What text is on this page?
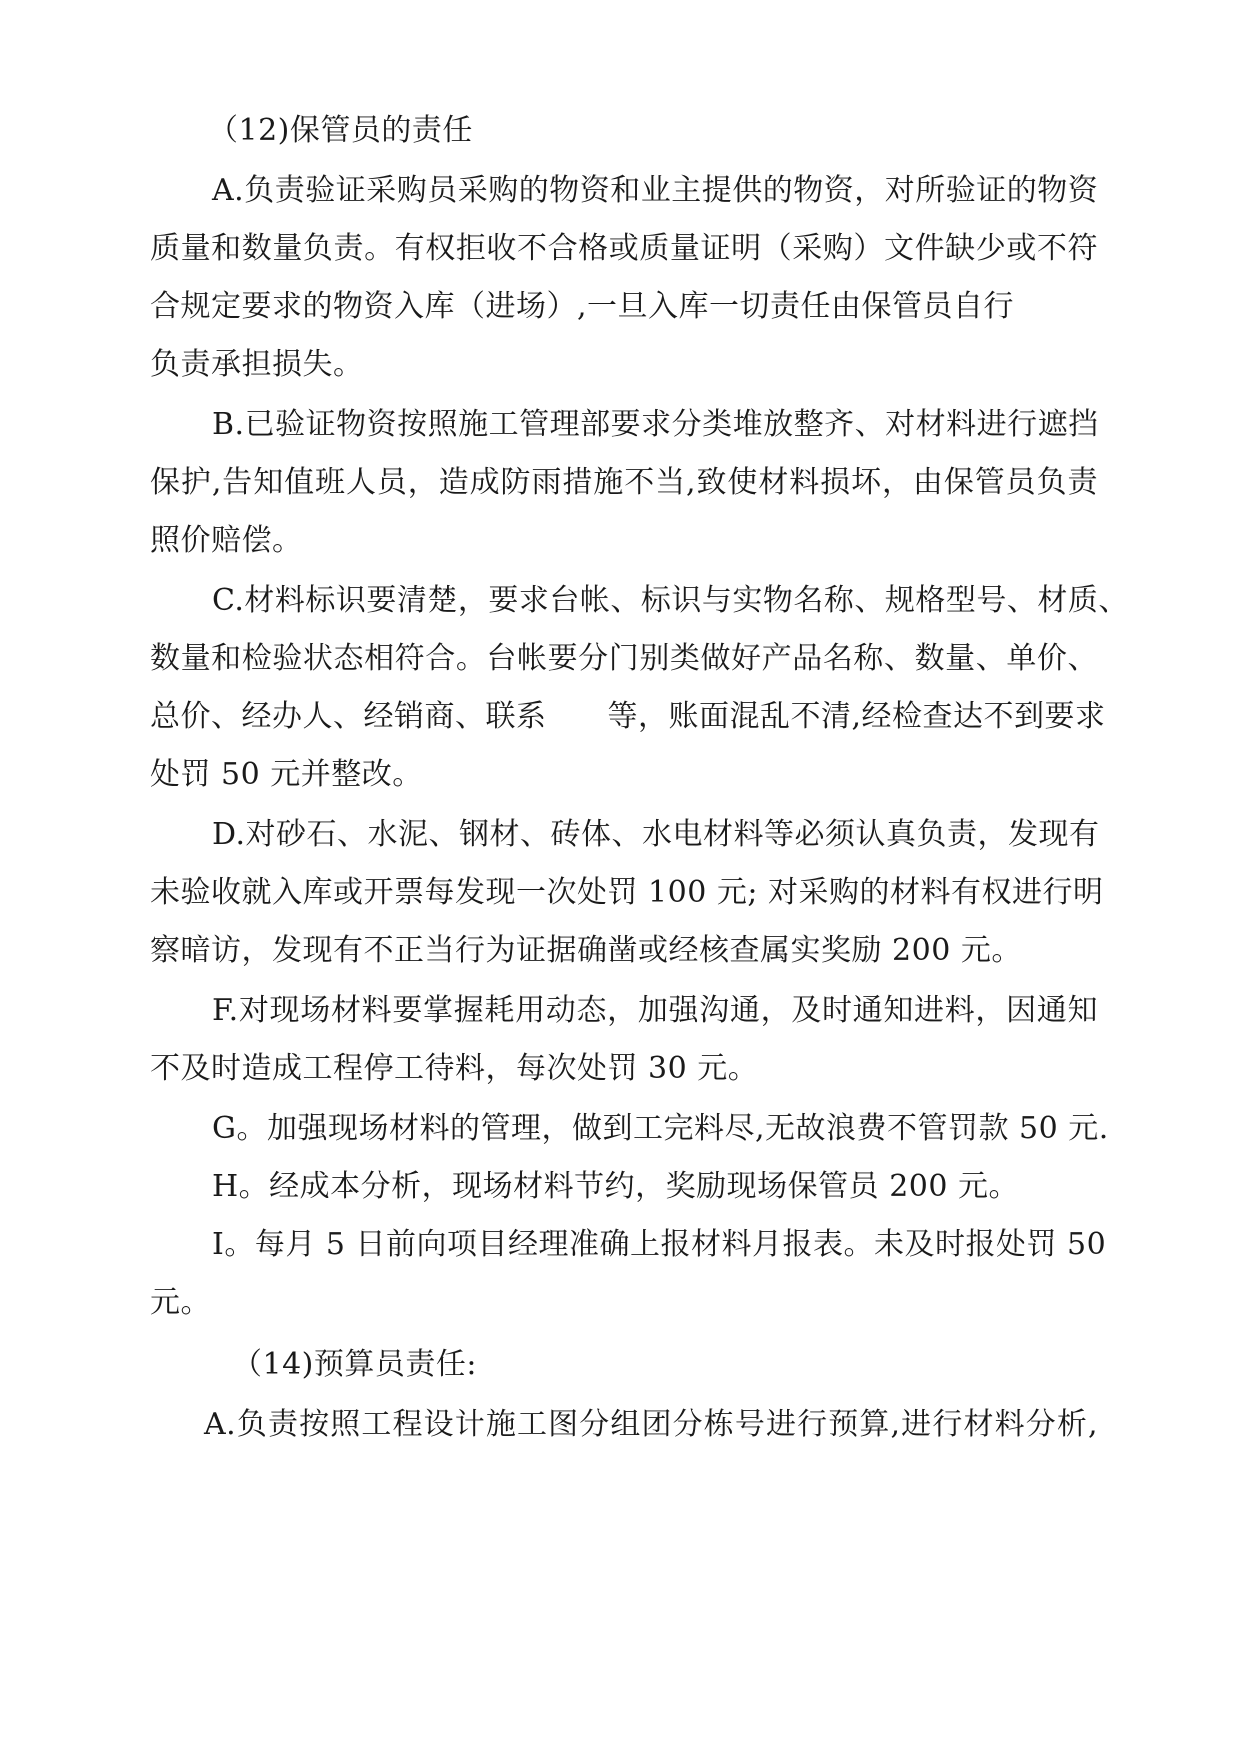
（12)保管员的责任
A.负责验证采购员采购的物资和业主提供的物资，对所验证的物资
质量和数量负责。有权拒收不合格或质量证明（采购）文件缺少或不符
合规定要求的物资入库（进场）,一旦入库一切责任由保管员自行
负责承担损失。
B.已验证物资按照施工管理部要求分类堆放整齐、对材料进行遮挡
保护,告知值班人员，造成防雨措施不当,致使材料损坏，由保管员负责
照价赔偿。
C.材料标识要清楚，要求台帐、标识与实物名称、规格型号、材质、
数量和检验状态相符合。台帐要分门别类做好产品名称、数量、单价、
总价、经办人、经销商、联系　　等，账面混乱不清,经检查达不到要求
处罚 50 元并整改。
D.对砂石、水泥、钢材、砖体、水电材料等必须认真负责，发现有
未验收就入库或开票每发现一次处罚 100 元; 对采购的材料有权进行明
察暗访，发现有不正当行为证据确凿或经核查属实奖励 200 元。
F.对现场材料要掌握耗用动态，加强沟通，及时通知进料，因通知
不及时造成工程停工待料，每次处罚 30 元。
G。加强现场材料的管理，做到工完料尽,无故浪费不管罚款 50 元.
H。经成本分析，现场材料节约，奖励现场保管员 200 元。
I。每月 5 日前向项目经理准确上报材料月报表。未及时报处罚 50
元。
（14)预算员责任:
A.负责按照工程设计施工图分组团分栋号进行预算,进行材料分析,
